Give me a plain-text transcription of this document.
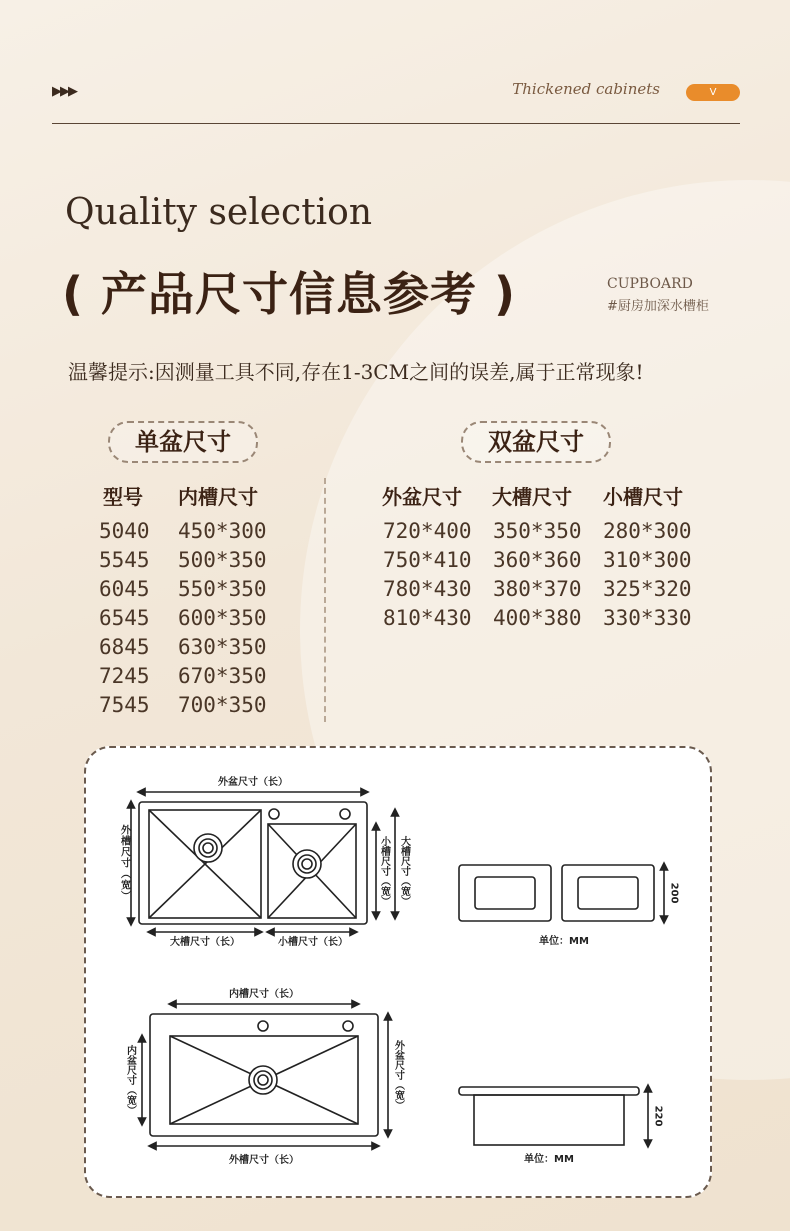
▶▶▶	Thickened cabinets	V
Quality selection
( 产品尺寸信息参考 )	CUPBOARD
#厨房加深水槽柜
温馨提示:因测量工具不同,存在1-3CM之间的误差,属于正常现象!
单盆尺寸	双盆尺寸
型号 内槽尺寸
5040 450*300
5545 500*350
6045 550*350
6545 600*350
6845 630*350
7245 670*350
7545 700*350
外盆尺寸 大槽尺寸 小槽尺寸
720*400 350*350 280*300
750*410 360*360 310*300
780*430 380*370 325*320
810*430 400*380 330*330
外盆尺寸（长）
外槽尺寸（宽）	小槽尺寸（宽） 大槽尺寸（宽）
大槽尺寸（长）	小槽尺寸（长）
200
单位：MM
内槽尺寸（长）
内盆尺寸（宽）	外盆尺寸（宽）
外槽尺寸（长）
220
单位：MM
